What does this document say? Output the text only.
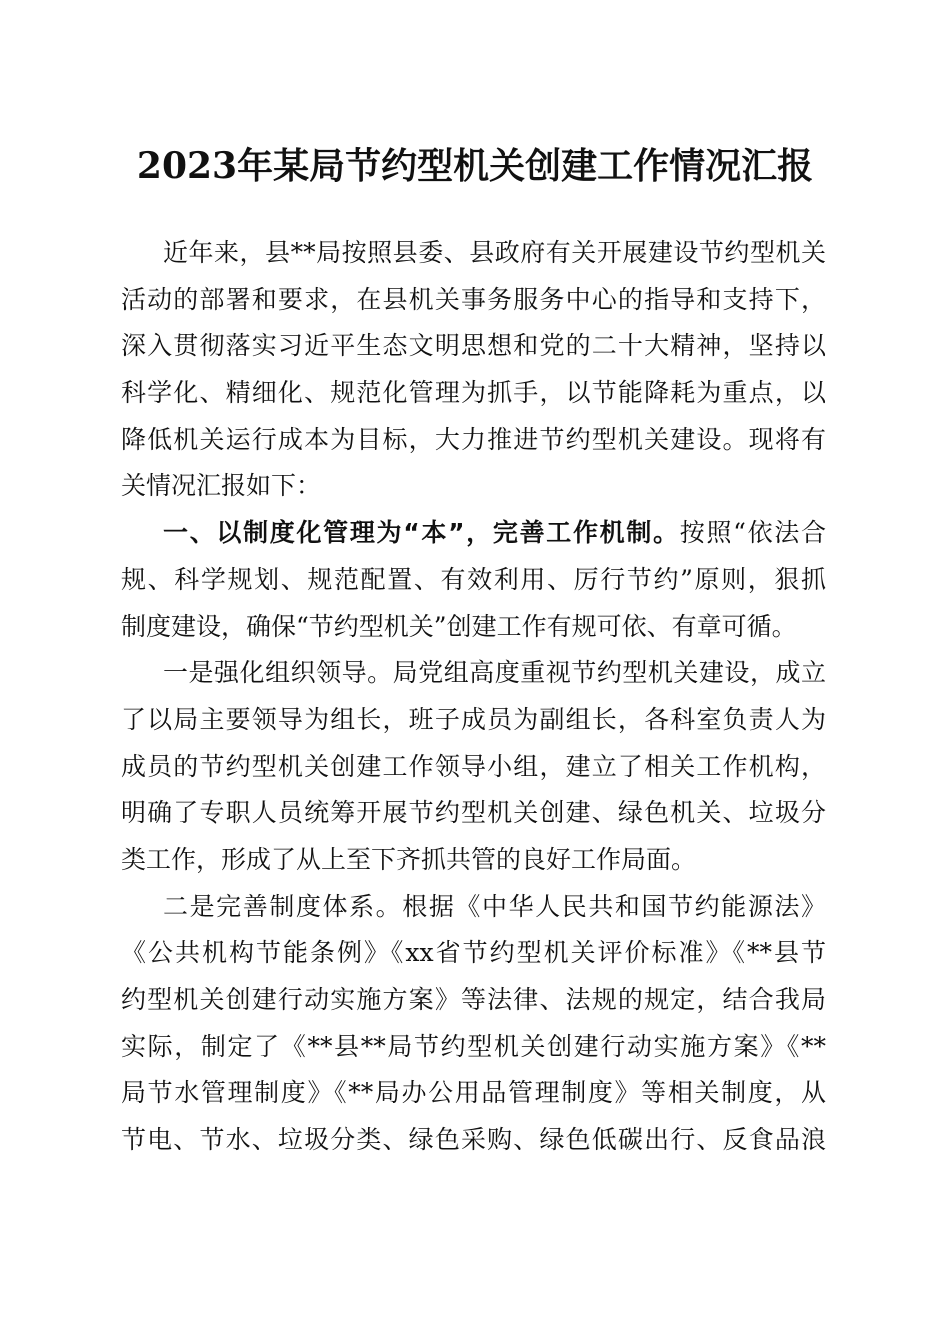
2023年某局节约型机关创建工作情况汇报
近年来，县**局按照县委、县政府有关开展建设节约型机关
活动的部署和要求，在县机关事务服务中心的指导和支持下，
深入贯彻落实习近平生态文明思想和党的二十大精神，坚持以
科学化、精细化、规范化管理为抓手，以节能降耗为重点，以
降低机关运行成本为目标，大力推进节约型机关建设。现将有
关情况汇报如下：
一、以制度化管理为“本”，完善工作机制。按照“依法合
规、科学规划、规范配置、有效利用、厉行节约”原则，狠抓
制度建设，确保“节约型机关”创建工作有规可依、有章可循。
一是强化组织领导。局党组高度重视节约型机关建设，成立
了以局主要领导为组长，班子成员为副组长，各科室负责人为
成员的节约型机关创建工作领导小组，建立了相关工作机构，
明确了专职人员统筹开展节约型机关创建、绿色机关、垃圾分
类工作，形成了从上至下齐抓共管的良好工作局面。
二是完善制度体系。根据《中华人民共和国节约能源法》
《公共机构节能条例》《xx省节约型机关评价标准》《**县节
约型机关创建行动实施方案》等法律、法规的规定，结合我局
实际，制定了《**县**局节约型机关创建行动实施方案》《**
局节水管理制度》《**局办公用品管理制度》等相关制度，从
节电、节水、垃圾分类、绿色采购、绿色低碳出行、反食品浪
